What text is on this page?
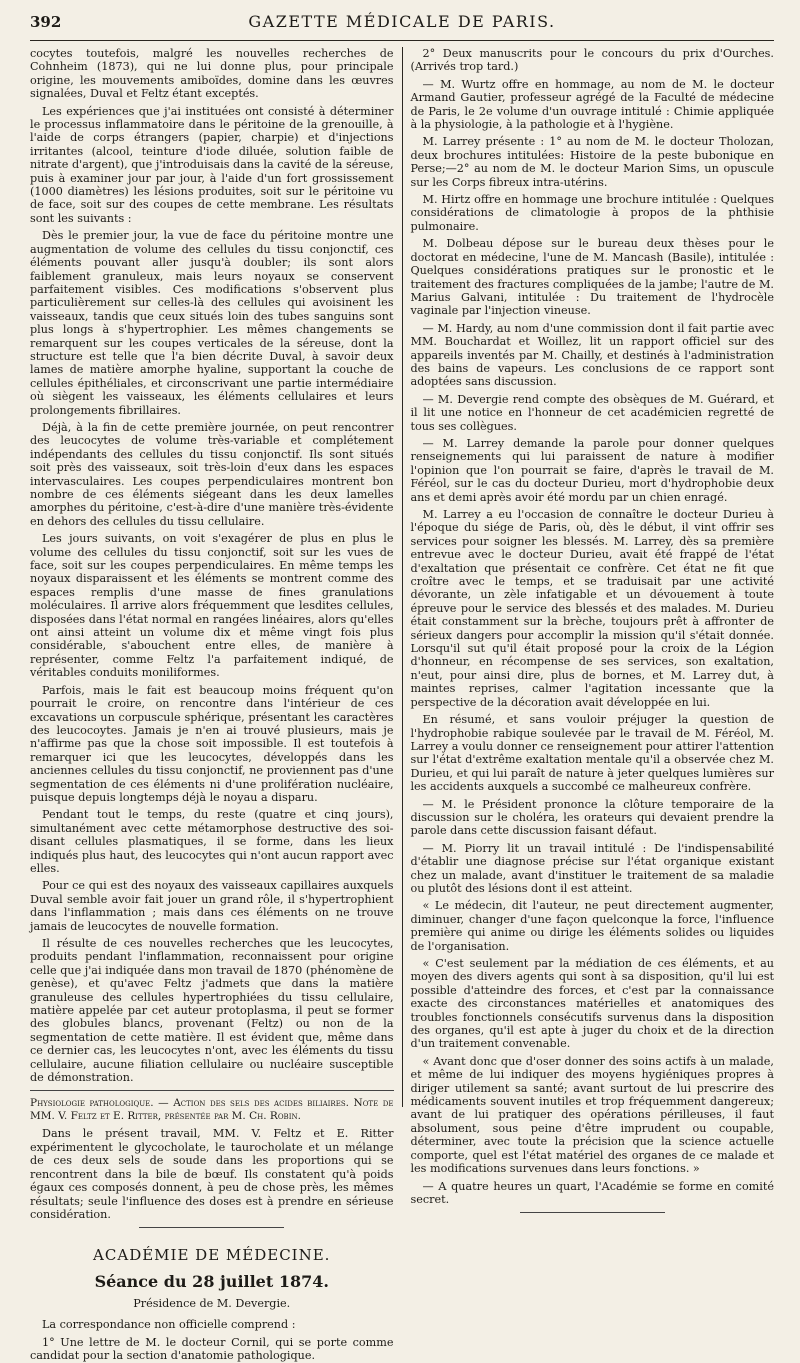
392	GAZETTE MÉDICALE DE PARIS.

cocytes toutefois, malgré les nouvelles recherches de Cohnheim (1873), qui ne lui donne plus, pour principale origine, les mouvements amiboïdes, domine dans les œuvres signalées, Duval et Feltz étant exceptés.

Les expériences que j'ai instituées ont consisté à déterminer le processus inflammatoire dans le péritoine de la grenouille, à l'aide de corps étrangers (papier, charpie) et d'injections irritantes (alcool, teinture d'iode diluée, solution faible de nitrate d'argent), que j'introduisais dans la cavité de la séreuse, puis à examiner jour par jour, à l'aide d'un fort grossissement (1000 diamètres) les lésions produites, soit sur le péritoine vu de face, soit sur des coupes de cette membrane. Les résultats sont les suivants :

Dès le premier jour, la vue de face du péritoine montre une augmentation de volume des cellules du tissu conjonctif, ces éléments pouvant aller jusqu'à doubler; ils sont alors faiblement granuleux, mais leurs noyaux se conservent parfaitement visibles. Ces modifications s'observent plus particulièrement sur celles-là des cellules qui avoisinent les vaisseaux, tandis que ceux situés loin des tubes sanguins sont plus longs à s'hypertrophier. Les mêmes changements se remarquent sur les coupes verticales de la séreuse, dont la structure est telle que l'a bien décrite Duval, à savoir deux lames de matière amorphe hyaline, supportant la couche de cellules épithéliales, et circonscrivant une partie intermédiaire où siègent les vaisseaux, les éléments cellulaires et leurs prolongements fibrillaires.

Déjà, à la fin de cette première journée, on peut rencontrer des leucocytes de volume très-variable et complétement indépendants des cellules du tissu conjonctif. Ils sont situés soit près des vaisseaux, soit très-loin d'eux dans les espaces intervasculaires. Les coupes perpendiculaires montrent bon nombre de ces éléments siégeant dans les deux lamelles amorphes du péritoine, c'est-à-dire d'une manière très-évidente en dehors des cellules du tissu cellulaire.

Les jours suivants, on voit s'exagérer de plus en plus le volume des cellules du tissu conjonctif, soit sur les vues de face, soit sur les coupes perpendiculaires. En même temps les noyaux disparaissent et les éléments se montrent comme des espaces remplis d'une masse de fines granulations moléculaires. Il arrive alors fréquemment que lesdites cellules, disposées dans l'état normal en rangées linéaires, alors qu'elles ont ainsi atteint un volume dix et même vingt fois plus considérable, s'abouchent entre elles, de manière à représenter, comme Feltz l'a parfaitement indiqué, de véritables conduits moniliformes.

Parfois, mais le fait est beaucoup moins fréquent qu'on pourrait le croire, on rencontre dans l'intérieur de ces excavations un corpuscule sphérique, présentant les caractères des leucocoytes. Jamais je n'en ai trouvé plusieurs, mais je n'affirme pas que la chose soit impossible. Il est toutefois à remarquer ici que les leucocytes, développés dans les anciennes cellules du tissu conjonctif, ne proviennent pas d'une segmentation de ces éléments ni d'une prolifération nucléaire, puisque depuis longtemps déjà le noyau a disparu.

Pendant tout le temps, du reste (quatre et cinq jours), simultanément avec cette métamorphose destructive des soi-disant cellules plasmatiques, il se forme, dans les lieux indiqués plus haut, des leucocytes qui n'ont aucun rapport avec elles.

Pour ce qui est des noyaux des vaisseaux capillaires auxquels Duval semble avoir fait jouer un grand rôle, il s'hypertrophient dans l'inflammation ; mais dans ces éléments on ne trouve jamais de leucocytes de nouvelle formation.

Il résulte de ces nouvelles recherches que les leucocytes, produits pendant l'inflammation, reconnaissent pour origine celle que j'ai indiquée dans mon travail de 1870 (phénomène de genèse), et qu'avec Feltz j'admets que dans la matière granuleuse des cellules hypertrophiées du tissu cellulaire, matière appelée par cet auteur protoplasma, il peut se former des globules blancs, provenant (Feltz) ou non de la segmentation de cette matière. Il est évident que, même dans ce dernier cas, les leucocytes n'ont, avec les éléments du tissu cellulaire, aucune filiation cellulaire ou nucléaire susceptible de démonstration.

Physiologie pathologique. — Action des sels des acides biliaires. Note de MM. V. Feltz et E. Ritter, présentée par M. Ch. Robin.

Dans le présent travail, MM. V. Feltz et E. Ritter expérimentent le glycocholate, le taurocholate et un mélange de ces deux sels de soude dans les proportions qui se rencontrent dans la bile de bœuf. Ils constatent qu'à poids égaux ces composés donnent, à peu de chose près, les mêmes résultats; seule l'influence des doses est à prendre en sérieuse considération.

ACADÉMIE DE MÉDECINE.
Séance du 28 juillet 1874.
Présidence de M. Devergie.

La correspondance non officielle comprend :

1° Une lettre de M. le docteur Cornil, qui se porte comme candidat pour la section d'anatomie pathologique.

2° Deux manuscrits pour le concours du prix d'Ourches. (Arrivés trop tard.)

— M. Wurtz offre en hommage, au nom de M. le docteur Armand Gautier, professeur agrégé de la Faculté de médecine de Paris, le 2e volume d'un ouvrage intitulé : Chimie appliquée à la physiologie, à la pathologie et à l'hygiène.

M. Larrey présente : 1° au nom de M. le docteur Tholozan, deux brochures intitulées: Histoire de la peste bubonique en Perse;—2° au nom de M. le docteur Marion Sims, un opuscule sur les Corps fibreux intra-utérins.

M. Hirtz offre en hommage une brochure intitulée : Quelques considérations de climatologie à propos de la phthisie pulmonaire.

M. Dolbeau dépose sur le bureau deux thèses pour le doctorat en médecine, l'une de M. Mancash (Basile), intitulée : Quelques considérations pratiques sur le pronostic et le traitement des fractures compliquées de la jambe; l'autre de M. Marius Galvani, intitulée : Du traitement de l'hydrocèle vaginale par l'injection vineuse.

— M. Hardy, au nom d'une commission dont il fait partie avec MM. Bouchardat et Woillez, lit un rapport officiel sur des appareils inventés par M. Chailly, et destinés à l'administration des bains de vapeurs. Les conclusions de ce rapport sont adoptées sans discussion.

— M. Devergie rend compte des obsèques de M. Guérard, et il lit une notice en l'honneur de cet académicien regretté de tous ses collègues.

— M. Larrey demande la parole pour donner quelques renseignements qui lui paraissent de nature à modifier l'opinion que l'on pourrait se faire, d'après le travail de M. Féréol, sur le cas du docteur Durieu, mort d'hydrophobie deux ans et demi après avoir été mordu par un chien enragé.

M. Larrey a eu l'occasion de connaître le docteur Durieu à l'époque du siége de Paris, où, dès le début, il vint offrir ses services pour soigner les blessés. M. Larrey, dès sa première entrevue avec le docteur Durieu, avait été frappé de l'état d'exaltation que présentait ce confrère. Cet état ne fit que croître avec le temps, et se traduisait par une activité dévorante, un zèle infatigable et un dévouement à toute épreuve pour le service des blessés et des malades. M. Durieu était constamment sur la brèche, toujours prêt à affronter de sérieux dangers pour accomplir la mission qu'il s'était donnée. Lorsqu'il sut qu'il était proposé pour la croix de la Légion d'honneur, en récompense de ses services, son exaltation, n'eut, pour ainsi dire, plus de bornes, et M. Larrey dut, à maintes reprises, calmer l'agitation incessante que la perspective de la décoration avait développée en lui.

En résumé, et sans vouloir préjuger la question de l'hydrophobie rabique soulevée par le travail de M. Féréol, M. Larrey a voulu donner ce renseignement pour attirer l'attention sur l'état d'extrême exaltation mentale qu'il a observée chez M. Durieu, et qui lui paraît de nature à jeter quelques lumières sur les accidents auxquels a succombé ce malheureux confrère.

— M. le Président prononce la clôture temporaire de la discussion sur le choléra, les orateurs qui devaient prendre la parole dans cette discussion faisant défaut.

— M. Piorry lit un travail intitulé : De l'indispensabilité d'établir une diagnose précise sur l'état organique existant chez un malade, avant d'instituer le traitement de sa maladie ou plutôt des lésions dont il est atteint.

« Le médecin, dit l'auteur, ne peut directement augmenter, diminuer, changer d'une façon quelconque la force, l'influence première qui anime ou dirige les éléments solides ou liquides de l'organisation.

« C'est seulement par la médiation de ces éléments, et au moyen des divers agents qui sont à sa disposition, qu'il lui est possible d'atteindre des forces, et c'est par la connaissance exacte des circonstances matérielles et anatomiques des troubles fonctionnels consécutifs survenus dans la disposition des organes, qu'il est apte à juger du choix et de la direction d'un traitement convenable.

« Avant donc que d'oser donner des soins actifs à un malade, et même de lui indiquer des moyens hygiéniques propres à diriger utilement sa santé; avant surtout de lui prescrire des médicaments souvent inutiles et trop fréquemment dangereux; avant de lui pratiquer des opérations périlleuses, il faut absolument, sous peine d'être imprudent ou coupable, déterminer, avec toute la précision que la science actuelle comporte, quel est l'état matériel des organes de ce malade et les modifications survenues dans leurs fonctions. »

— A quatre heures un quart, l'Académie se forme en comité secret.
